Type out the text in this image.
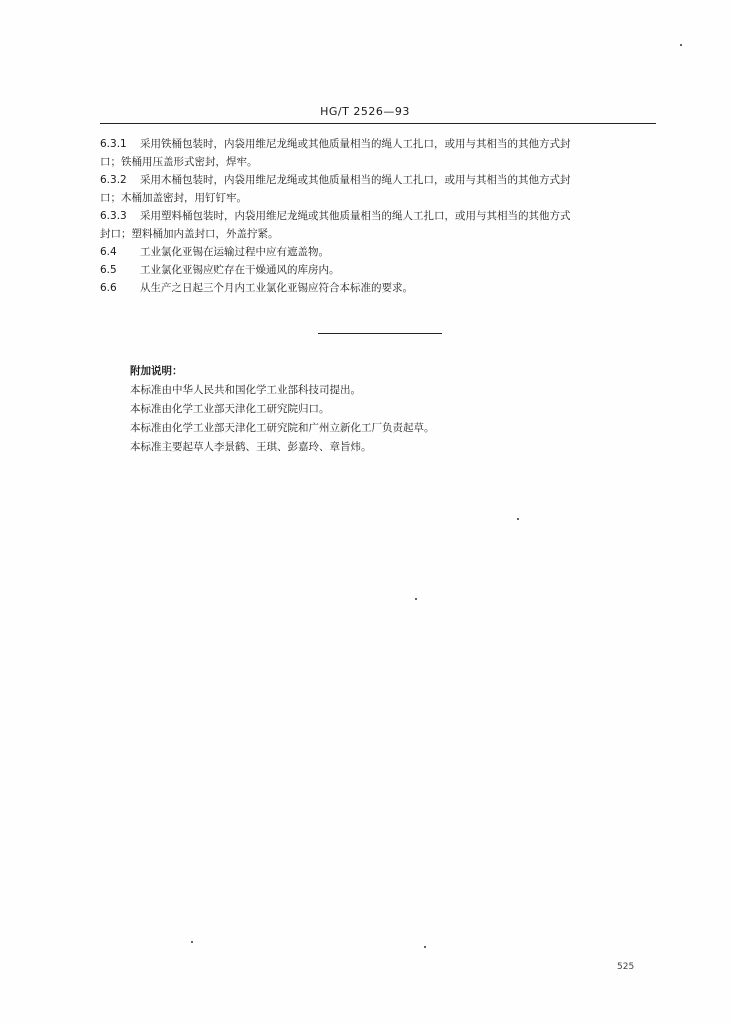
HG/T 2526—93

6.3.1 采用铁桶包装时，内袋用维尼龙绳或其他质量相当的绳人工扎口，或用与其相当的其他方式封

口；铁桶用压盖形式密封，焊牢。

6.3.2 采用木桶包装时，内袋用维尼龙绳或其他质量相当的绳人工扎口，或用与其相当的其他方式封

口；木桶加盖密封，用钉钉牢。

6.3.3 采用塑料桶包装时，内袋用维尼龙绳或其他质量相当的绳人工扎口，或用与其相当的其他方式

封口；塑料桶加内盖封口，外盖拧紧。

6.4 工业氯化亚锡在运输过程中应有遮盖物。

6.5 工业氯化亚锡应贮存在干燥通风的库房内。

6.6 从生产之日起三个月内工业氯化亚锡应符合本标准的要求。

附加说明：

本标准由中华人民共和国化学工业部科技司提出。

本标准由化学工业部天津化工研究院归口。

本标准由化学工业部天津化工研究院和广州立新化工厂负责起草。

本标准主要起草人李景鹤、王琪、彭嘉玲、章旨炜。

525
